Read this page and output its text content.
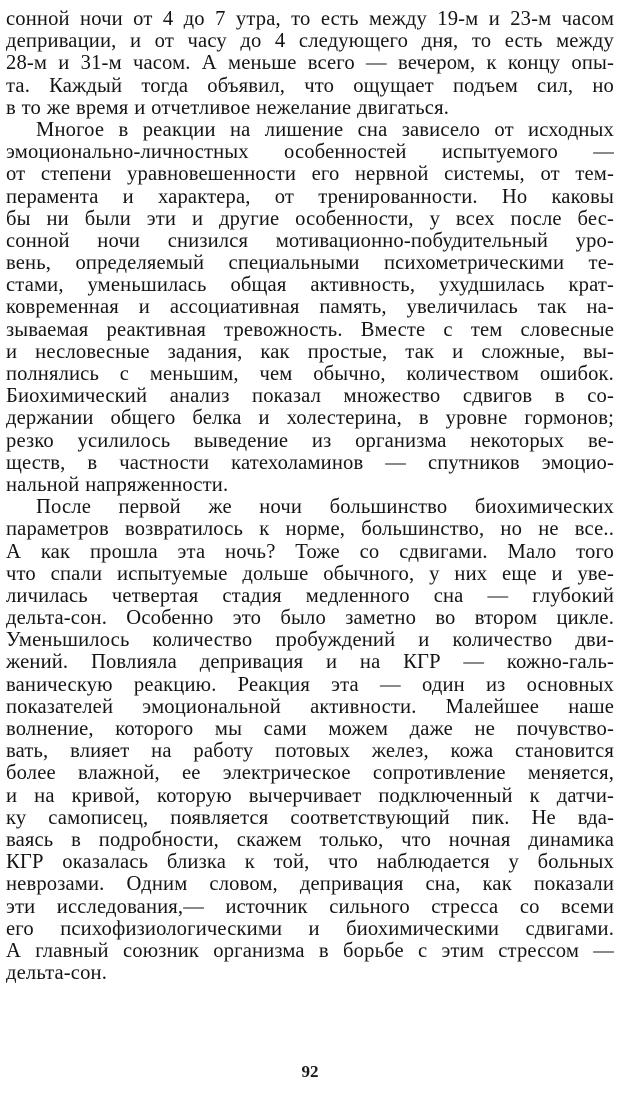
сонной ночи от 4 до 7 утра, то есть между 19-м и 23-м часом
депривации, и от часу до 4 следующего дня, то есть между
28-м и 31-м часом. А меньше всего — вечером, к концу опы-
та. Каждый тогда объявил, что ощущает подъем сил, но
в то же время и отчетливое нежелание двигаться.

Многое в реакции на лишение сна зависело от исходных
эмоционально-личностных особенностей испытуемого —
от степени уравновешенности его нервной системы, от тем-
перамента и характера, от тренированности. Но каковы
бы ни были эти и другие особенности, у всех после бес-
сонной ночи снизился мотивационно-побудительный уро-
вень, определяемый специальными психометрическими те-
стами, уменьшилась общая активность, ухудшилась крат-
ковременная и ассоциативная память, увеличилась так на-
зываемая реактивная тревожность. Вместе с тем словесные
и несловесные задания, как простые, так и сложные, вы-
полнялись с меньшим, чем обычно, количеством ошибок.
Биохимический анализ показал множество сдвигов в со-
держании общего белка и холестерина, в уровне гормонов;
резко усилилось выведение из организма некоторых ве-
ществ, в частности катехоламинов — спутников эмоцио-
нальной напряженности.

После первой же ночи большинство биохимических
параметров возвратилось к норме, большинство, но не все..
А как прошла эта ночь? Тоже со сдвигами. Мало того
что спали испытуемые дольше обычного, у них еще и уве-
личилась четвертая стадия медленного сна — глубокий
дельта-сон. Особенно это было заметно во втором цикле.
Уменьшилось количество пробуждений и количество дви-
жений. Повлияла депривация и на КГР — кожно-галь-
ваническую реакцию. Реакция эта — один из основных
показателей эмоциональной активности. Малейшее наше
волнение, которого мы сами можем даже не почувство-
вать, влияет на работу потовых желез, кожа становится
более влажной, ее электрическое сопротивление меняется,
и на кривой, которую вычерчивает подключенный к датчи-
ку самописец, появляется соответствующий пик. Не вда-
ваясь в подробности, скажем только, что ночная динамика
КГР оказалась близка к той, что наблюдается у больных
неврозами. Одним словом, депривация сна, как показали
эти исследования,— источник сильного стресса со всеми
его психофизиологическими и биохимическими сдвигами.
А главный союзник организма в борьбе с этим стрессом —
дельта-сон.

92
